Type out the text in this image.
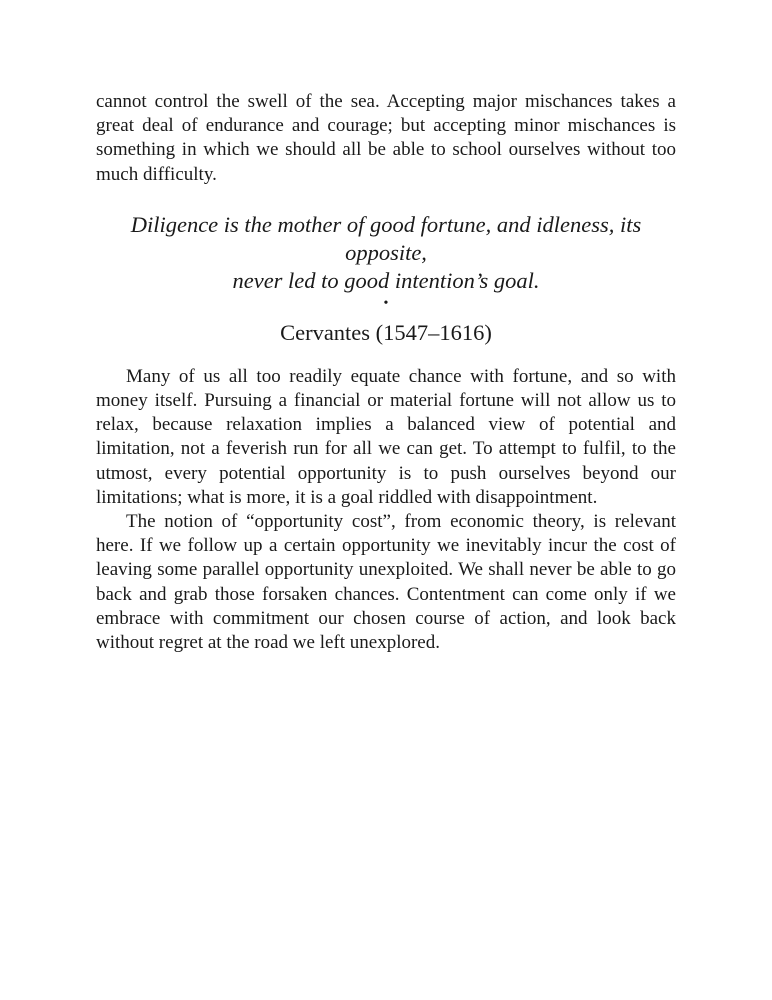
cannot control the swell of the sea. Accepting major mischances takes a great deal of endurance and courage; but accepting minor mischances is something in which we should all be able to school ourselves without too much difficulty.

Diligence is the mother of good fortune, and idleness, its opposite,
never led to good intention’s goal.
•
Cervantes (1547–1616)

Many of us all too readily equate chance with fortune, and so with money itself. Pursuing a financial or material fortune will not allow us to relax, because relaxation implies a balanced view of potential and limitation, not a feverish run for all we can get. To attempt to fulfil, to the utmost, every potential opportunity is to push ourselves beyond our limitations; what is more, it is a goal riddled with disappointment.

The notion of “opportunity cost”, from economic theory, is relevant here. If we follow up a certain opportunity we inevitably incur the cost of leaving some parallel opportunity unexploited. We shall never be able to go back and grab those forsaken chances. Contentment can come only if we embrace with commitment our chosen course of action, and look back without regret at the road we left unexplored.
